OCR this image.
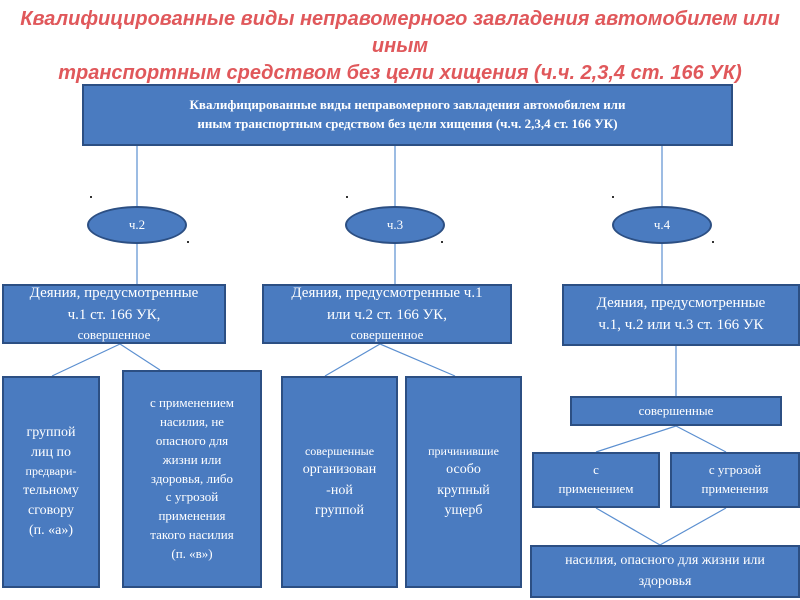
Квалифицированные виды неправомерного завладения автомобилем или иным
транспортным средством без цели хищения (ч.ч. 2,3,4 ст. 166 УК)
Квалифицированные виды неправомерного завладения автомобилем или
иным транспортным средством без цели хищения (ч.ч. 2,3,4 ст. 166 УК)
ч.2
Деяния, предусмотренные
ч.1 ст. 166 УК,
совершенное
группой
лиц по
предвари-
тельному
сговору
(п. «а»)
с применением
насилия, не
опасного для
жизни или
здоровья, либо
с угрозой
применения
такого насилия
(п. «в»)
ч.3
Деяния, предусмотренные ч.1
или ч.2 ст. 166 УК,
совершенное
совершенные
организован
-ной
группой
причинившие
особо
крупный
ущерб
ч.4
Деяния, предусмотренные
ч.1, ч.2 или ч.3 ст. 166 УК
совершенные
с
применением
с угрозой
применения
насилия, опасного для жизни или
здоровья
